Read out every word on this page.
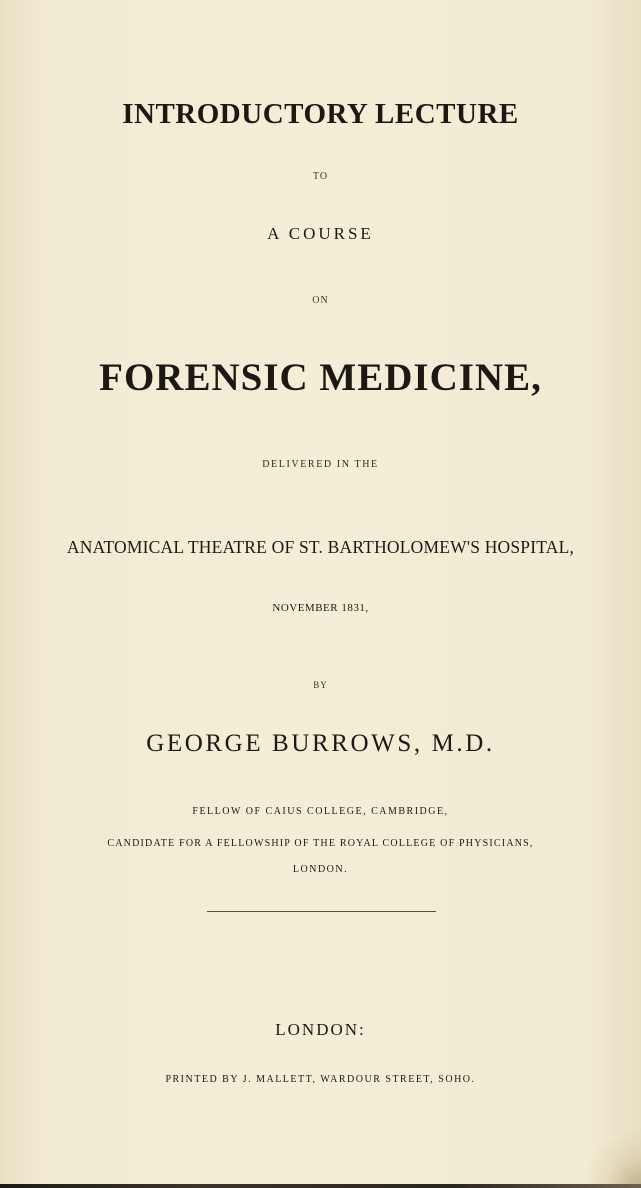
INTRODUCTORY LECTURE
TO
A COURSE
ON
FORENSIC MEDICINE,
DELIVERED IN THE
ANATOMICAL THEATRE OF ST. BARTHOLOMEW'S HOSPITAL,
NOVEMBER 1831,
BY
GEORGE BURROWS, M.D.
FELLOW OF CAIUS COLLEGE, CAMBRIDGE,
CANDIDATE FOR A FELLOWSHIP OF THE ROYAL COLLEGE OF PHYSICIANS,
LONDON.
LONDON:
PRINTED BY J. MALLETT, WARDOUR STREET, SOHO.
